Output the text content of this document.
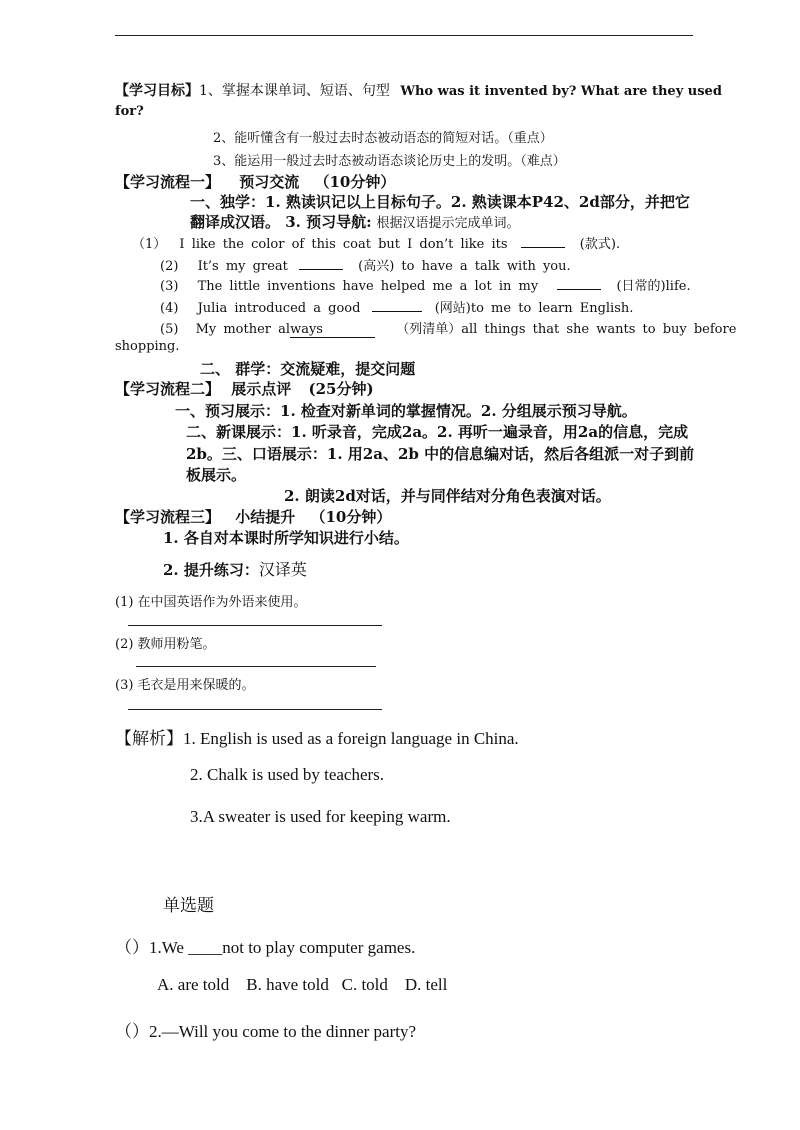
【学习目标】1、掌握本课单词、短语、句型 Who was it invented by? What are they used
for?
2、能听懂含有一般过去时态被动语态的简短对话。（重点）
3、能运用一般过去时态被动语态谈论历史上的发明。（难点）
【学习流程一】 预习交流 （10分钟）
一、独学：1. 熟读识记以上目标句子。2. 熟读课本P42、2d部分，并把它
翻译成汉语。 3. 预习导航: 根据汉语提示完成单词。
（1） I like the color of this coat but I don’t like its	(款式).
(2) It’s my great	(高兴) to have a talk with you.
(3) The little inventions have helped me a lot in my	(日常的)life.
(4) Julia introduced a good	(网站)to me to learn English.
(5) My mother always	（列清单）all things that she wants to buy before
shopping.
二、 群学：交流疑难，提交问题
【学习流程二】 展示点评 (25分钟)
一、预习展示：1. 检查对新单词的掌握情况。2. 分组展示预习导航。
二、新课展示：1. 听录音，完成2a。2. 再听一遍录音，用2a的信息，完成
2b。三、口语展示：1. 用2a、2b 中的信息编对话，然后各组派一对子到前
板展示。
2. 朗读2d对话，并与同伴结对分角色表演对话。
【学习流程三】 小结提升 （10分钟）
1. 各自对本课时所学知识进行小结。
2. 提升练习：汉译英
(1) 在中国英语作为外语来使用。
(2) 教师用粉笔。
(3) 毛衣是用来保暖的。
【解析】1. English is used as a foreign language in China.
2. Chalk is used by teachers.
3.A sweater is used for keeping warm.
单选题
（）1.We ____not to play computer games.
A. are told    B. have told   C. told    D. tell
（）2.—Will you come to the dinner party?
